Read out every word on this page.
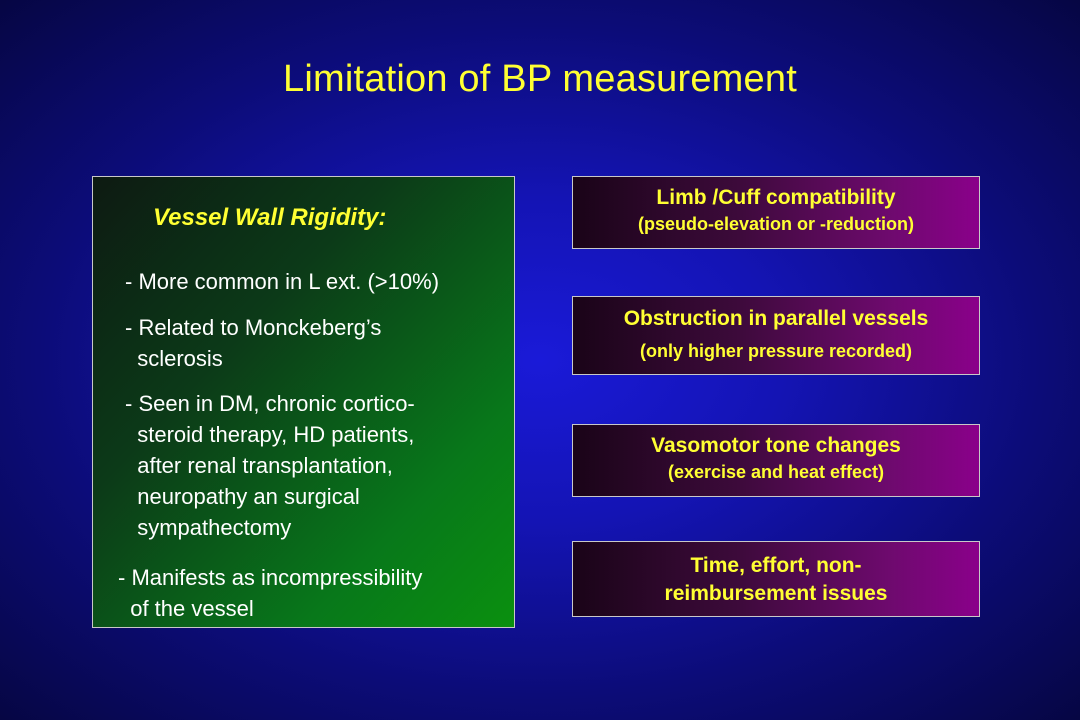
Limitation of BP measurement
Vessel Wall Rigidity:
- More common in L ext. (>10%)
- Related to Monckeberg’s
sclerosis
- Seen in DM, chronic cortico-
steroid therapy, HD patients,
after renal transplantation,
neuropathy an surgical
sympathectomy
- Manifests as incompressibility
of the vessel
Limb /Cuff compatibility
(pseudo-elevation or -reduction)
Obstruction in parallel vessels
(only higher pressure recorded)
Vasomotor tone changes
(exercise and heat effect)
Time, effort, non-
reimbursement issues
